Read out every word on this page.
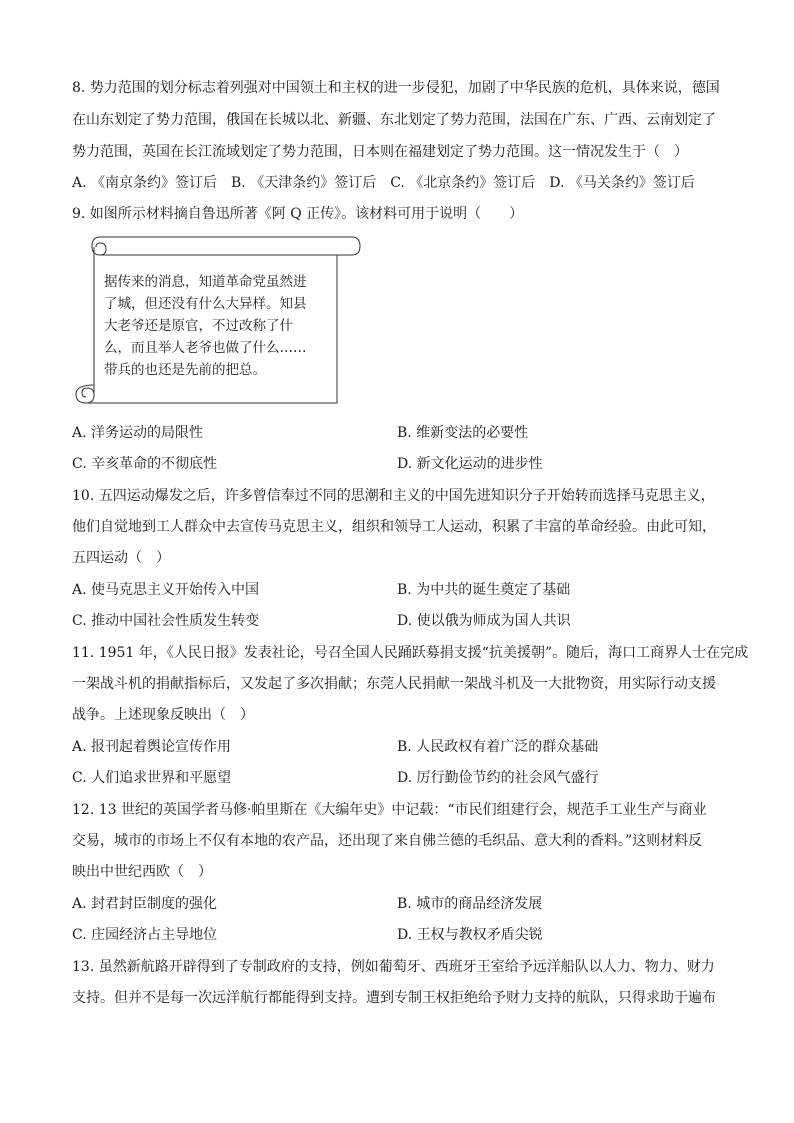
8. 势力范围的划分标志着列强对中国领土和主权的进一步侵犯，加剧了中华民族的危机，具体来说，德国
在山东划定了势力范围，俄国在长城以北、新疆、东北划定了势力范围，法国在广东、广西、云南划定了
势力范围，英国在长江流域划定了势力范围，日本则在福建划定了势力范围。这一情况发生于（　）
A. 《南京条约》签订后　B. 《天津条约》签订后　C. 《北京条约》签订后　D. 《马关条约》签订后
9. 如图所示材料摘自鲁迅所著《阿 Q 正传》。该材料可用于说明（　　）
据传来的消息，知道革命党虽然进
了城，但还没有什么大异样。知县
大老爷还是原官，不过改称了什
么，而且举人老爷也做了什么……
带兵的也还是先前的把总。
A. 洋务运动的局限性	B. 维新变法的必要性
C. 辛亥革命的不彻底性	D. 新文化运动的进步性
10. 五四运动爆发之后，许多曾信奉过不同的思潮和主义的中国先进知识分子开始转而选择马克思主义，
他们自觉地到工人群众中去宣传马克思主义，组织和领导工人运动，积累了丰富的革命经验。由此可知，
五四运动（　）
A. 使马克思主义开始传入中国	B. 为中共的诞生奠定了基础
C. 推动中国社会性质发生转变	D. 使以俄为师成为国人共识
11. 1951 年，《人民日报》发表社论，号召全国人民踊跃募捐支援“抗美援朝”。随后，海口工商界人士在完成
一架战斗机的捐献指标后，又发起了多次捐献；东莞人民捐献一架战斗机及一大批物资，用实际行动支援
战争。上述现象反映出（　）
A. 报刊起着舆论宣传作用	B. 人民政权有着广泛的群众基础
C. 人们追求世界和平愿望	D. 厉行勤俭节约的社会风气盛行
12. 13 世纪的英国学者马修·帕里斯在《大编年史》中记载：“市民们组建行会，规范手工业生产与商业
交易，城市的市场上不仅有本地的农产品，还出现了来自佛兰德的毛织品、意大利的香料。”这则材料反
映出中世纪西欧（　）
A. 封君封臣制度的强化	B. 城市的商品经济发展
C. 庄园经济占主导地位	D. 王权与教权矛盾尖锐
13. 虽然新航路开辟得到了专制政府的支持，例如葡萄牙、西班牙王室给予远洋船队以人力、物力、财力
支持。但并不是每一次远洋航行都能得到支持。遭到专制王权拒绝给予财力支持的航队，只得求助于遍布
